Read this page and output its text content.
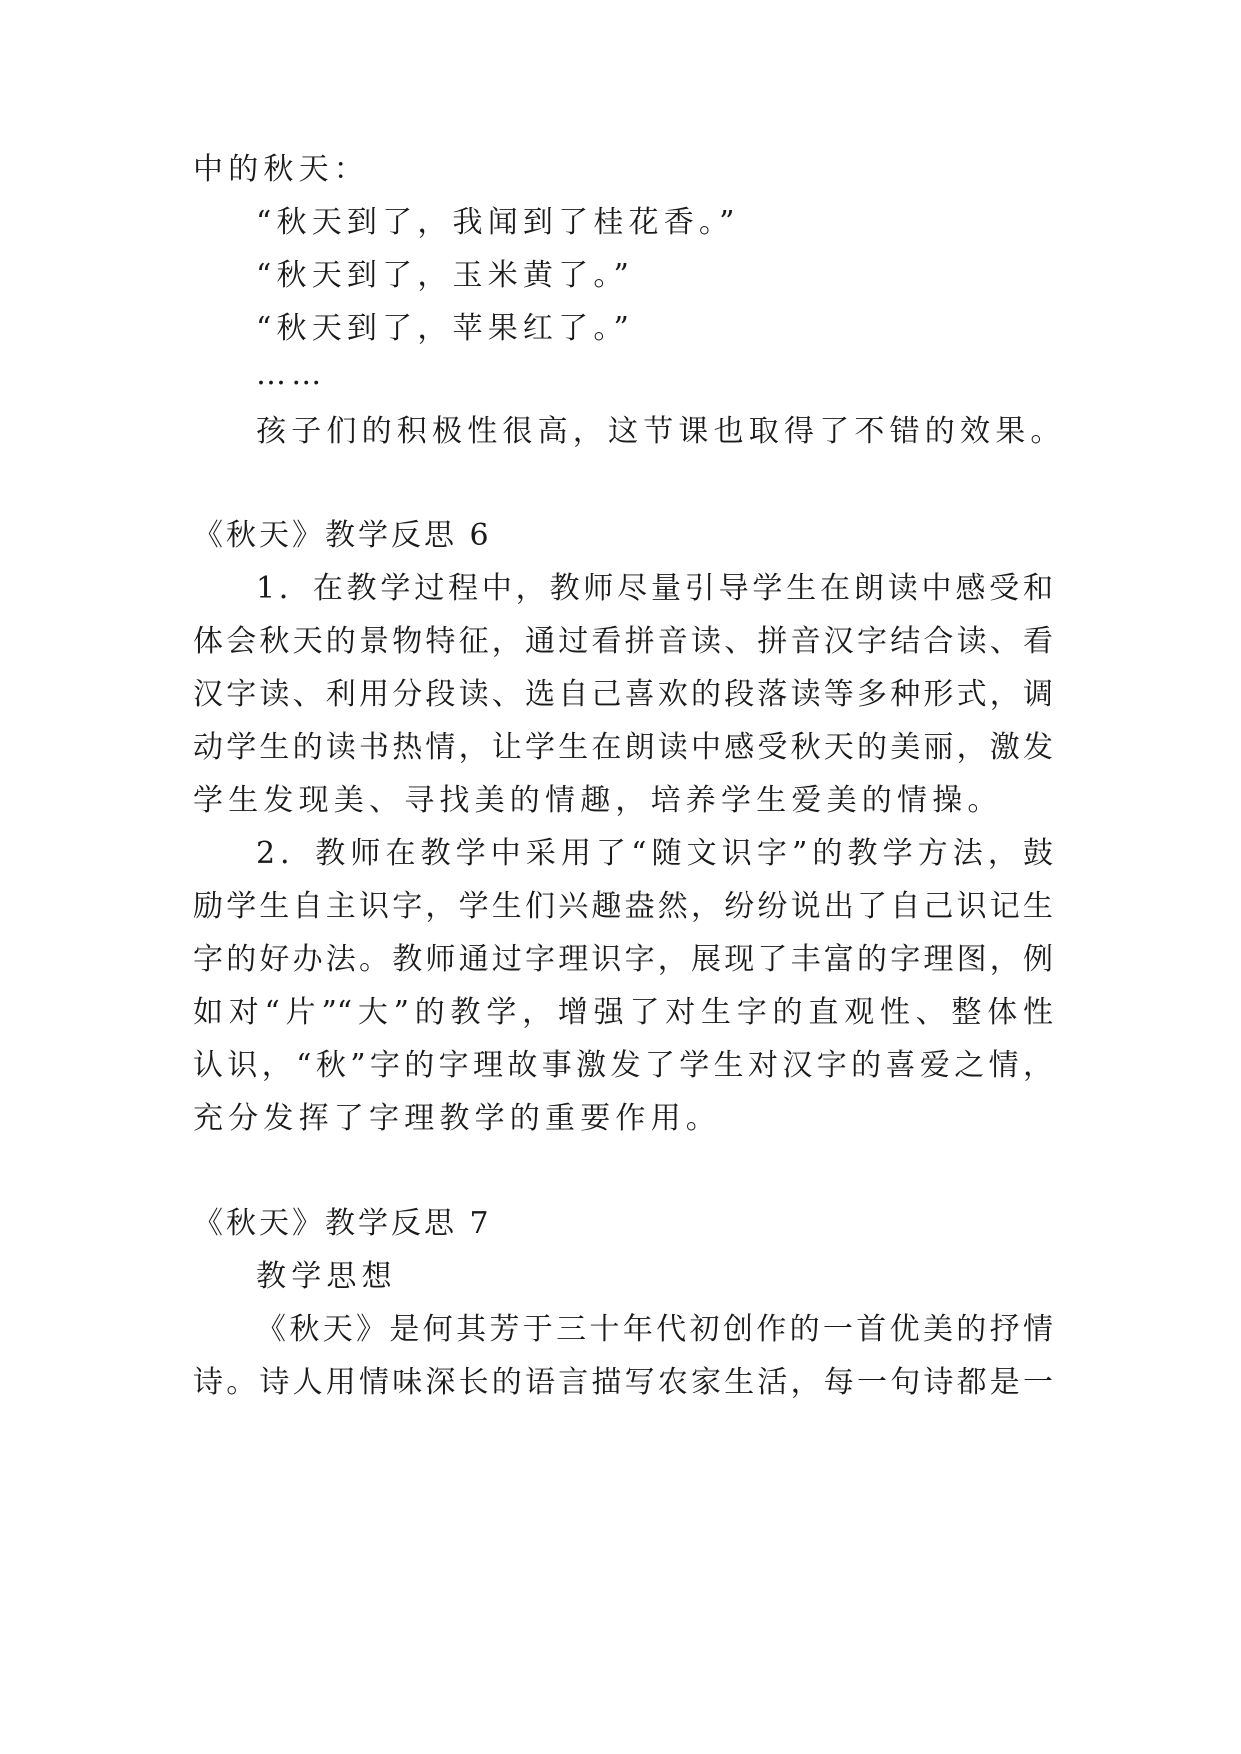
中的秋天：
“秋天到了，我闻到了桂花香。”
“秋天到了，玉米黄了。”
“秋天到了，苹果红了。”
……
孩子们的积极性很高，这节课也取得了不错的效果。
《秋天》教学反思 6
1．在教学过程中，教师尽量引导学生在朗读中感受和
体会秋天的景物特征，通过看拼音读、拼音汉字结合读、看
汉字读、利用分段读、选自己喜欢的段落读等多种形式，调
动学生的读书热情，让学生在朗读中感受秋天的美丽，激发
学生发现美、寻找美的情趣，培养学生爱美的情操。
2．教师在教学中采用了“随文识字”的教学方法，鼓
励学生自主识字，学生们兴趣盎然，纷纷说出了自己识记生
字的好办法。教师通过字理识字，展现了丰富的字理图，例
如对“片”“大”的教学，增强了对生字的直观性、整体性
认识，“秋”字的字理故事激发了学生对汉字的喜爱之情，
充分发挥了字理教学的重要作用。
《秋天》教学反思 7
教学思想
《秋天》是何其芳于三十年代初创作的一首优美的抒情
诗。诗人用情味深长的语言描写农家生活，每一句诗都是一
